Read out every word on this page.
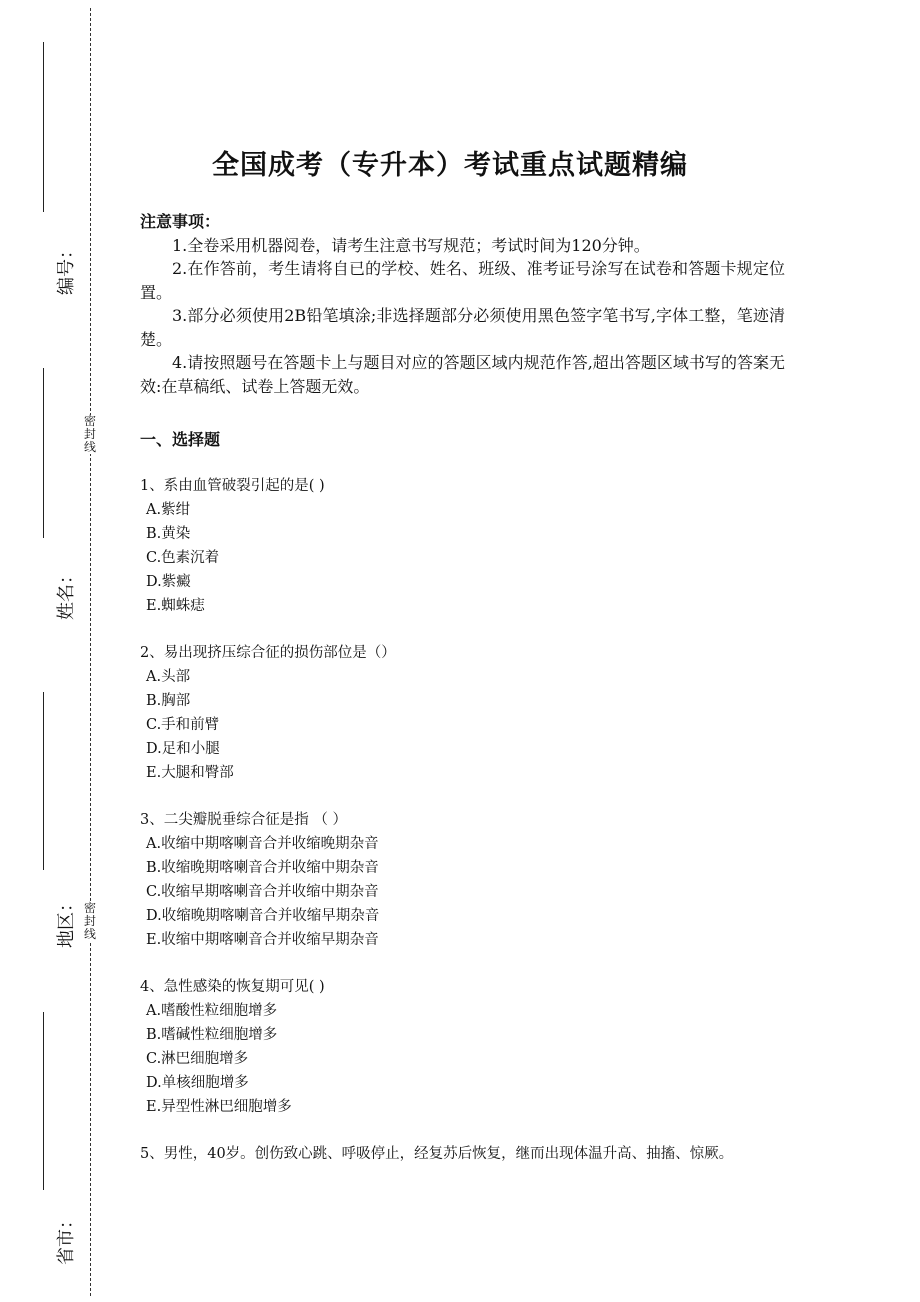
密
封
线
密
封
线
编号：
姓名：
地区：
省市：
全国成考（专升本）考试重点试题精编
注意事项：

1.全卷采用机器阅卷，请考生注意书写规范；考试时间为120分钟。

2.在作答前，考生请将自已的学校、姓名、班级、准考证号涂写在试卷和答题卡规定位置。

3.部分必须使用2B铅笔填涂;非选择题部分必须使用黑色签字笔书写,字体工整，笔迹清楚。

4.请按照题号在答题卡上与题目对应的答题区域内规范作答,超出答题区域书写的答案无效:在草稿纸、试卷上答题无效。

一、选择题
1、系由血管破裂引起的是( )
A.紫绀
B.黄染
C.色素沉着
D.紫癜
E.蜘蛛痣
2、易出现挤压综合征的损伤部位是（）
A.头部
B.胸部
C.手和前臂
D.足和小腿
E.大腿和臀部
3、二尖瓣脱垂综合征是指 （ ）
A.收缩中期喀喇音合并收缩晚期杂音
B.收缩晚期喀喇音合并收缩中期杂音
C.收缩早期喀喇音合并收缩中期杂音
D.收缩晚期喀喇音合并收缩早期杂音
E.收缩中期喀喇音合并收缩早期杂音
4、急性感染的恢复期可见( )
A.嗜酸性粒细胞增多
B.嗜碱性粒细胞增多
C.淋巴细胞增多
D.单核细胞增多
E.异型性淋巴细胞增多
5、男性，40岁。创伤致心跳、呼吸停止，经复苏后恢复，继而出现体温升高、抽搐、惊厥。
